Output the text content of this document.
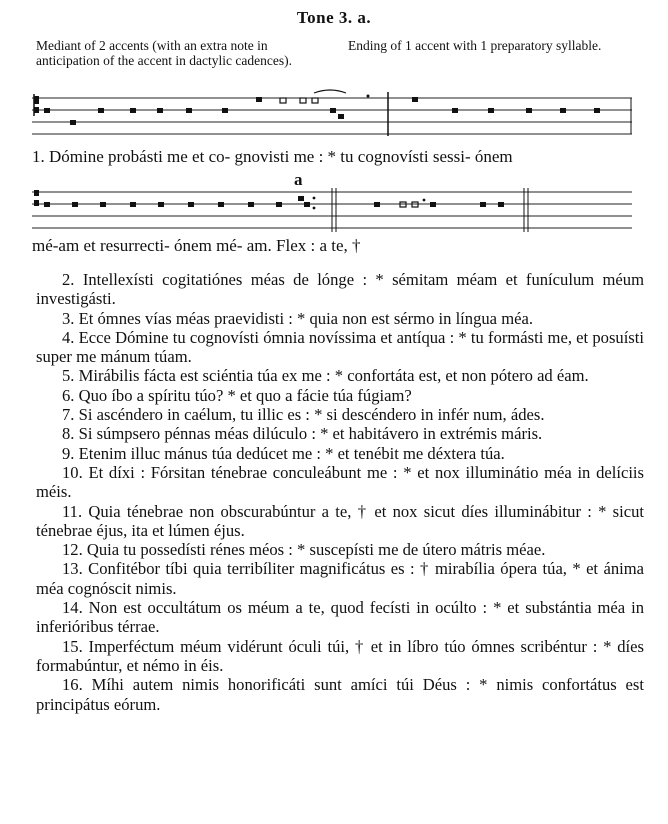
Tone 3. a.
Mediant of 2 accents (with an extra note in anticipation of the accent in dactylic cadences).
Ending of 1 accent with 1 preparatory syllable.
1. Dómine probásti me et co- gnovisti me : * tu cognovísti sessi- ónem
a
mé-am et resurrecti- ónem mé- am. Flex : a te, †

2. Intellexísti cogitatiónes méas de lónge : * sémitam méam et funículum méum investigásti.

3. Et ómnes vías méas praevidisti : * quia non est sérmo in língua méa.

4. Ecce Dómine tu cognovísti ómnia novíssima et antíqua : * tu formásti me, et posuísti super me mánum túam.

5. Mirábilis fácta est sciéntia túa ex me : * confortáta est, et non pótero ad éam.

6. Quo íbo a spíritu túo? * et quo a fácie túa fúgiam?

7. Si ascéndero in caélum, tu illic es : * si descéndero in infér num, ádes.

8. Si súmpsero pénnas méas dilúculo : * et habitávero in extrémis máris.

9. Etenim illuc mánus túa dedúcet me : * et tenébit me déxtera túa.

10. Et díxi : Fórsitan ténebrae conculeábunt me : * et nox illuminátio méa in delíciis méis.

11. Quia ténebrae non obscurabúntur a te, † et nox sicut díes illuminábitur : * sicut ténebrae éjus, ita et lúmen éjus.

12. Quia tu possedísti rénes méos : * suscepísti me de útero mátris méae.

13. Confitébor tíbi quia terribíliter magnificátus es : † mirabília ópera túa, * et ánima méa cognóscit nimis.

14. Non est occultátum os méum a te, quod fecísti in ocúlto : * et substántia méa in inferióribus térrae.

15. Imperféctum méum vidérunt óculi túi, † et in líbro túo ómnes scribéntur : * díes formabúntur, et némo in éis.

16. Míhi autem nimis honorificáti sunt amíci túi Déus : * nimis confortátus est principátus eórum.
